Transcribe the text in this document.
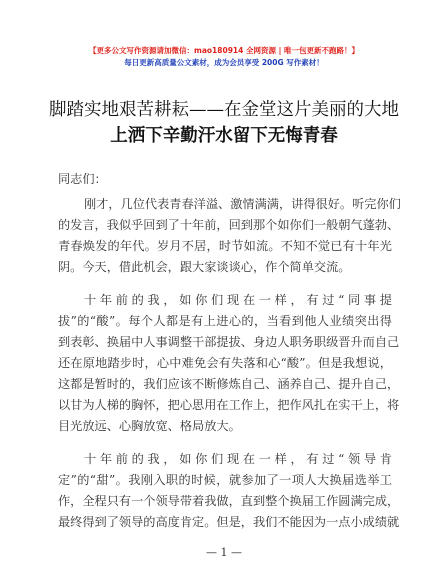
【更多公文写作资源请加微信：mao180914 全网资源 | 唯一包更新不跑路！】
每日更新高质量公文素材，成为会员享受 200G 写作素材！
脚踏实地艰苦耕耘——在金堂这片美丽的大地
上洒下辛勤汗水留下无悔青春
同志们：
刚才，几位代表青春洋溢、激情满满，讲得很好。听完你们
的发言，我似乎回到了十年前，回到那个如你们一般朝气蓬勃、
青春焕发的年代。岁月不居，时节如流。不知不觉已有十年光
阴。今天，借此机会，跟大家谈谈心，作个简单交流。
十年前的我，如你们现在一样，有过“同事提
拔”的“酸”。每个人都是有上进心的，当看到他人业绩突出得
到表彰、换届中人事调整干部提拔、身边人职务职级晋升而自己
还在原地踏步时，心中难免会有失落和心“酸”。但是我想说，
这都是暂时的，我们应该不断修炼自己、涵养自己、提升自己，
以甘为人梯的胸怀，把心思用在工作上，把作风扎在实干上，将
目光放远、心胸放宽、格局放大。
十年前的我，如你们现在一样，有过“领导肯
定”的“甜”。我刚入职的时候，就参加了一项人大换届选举工
作，全程只有一个领导带着我做，直到整个换届工作圆满完成，
最终得到了领导的高度肯定。但是，我们不能因为一点小成绩就
— 1 —
